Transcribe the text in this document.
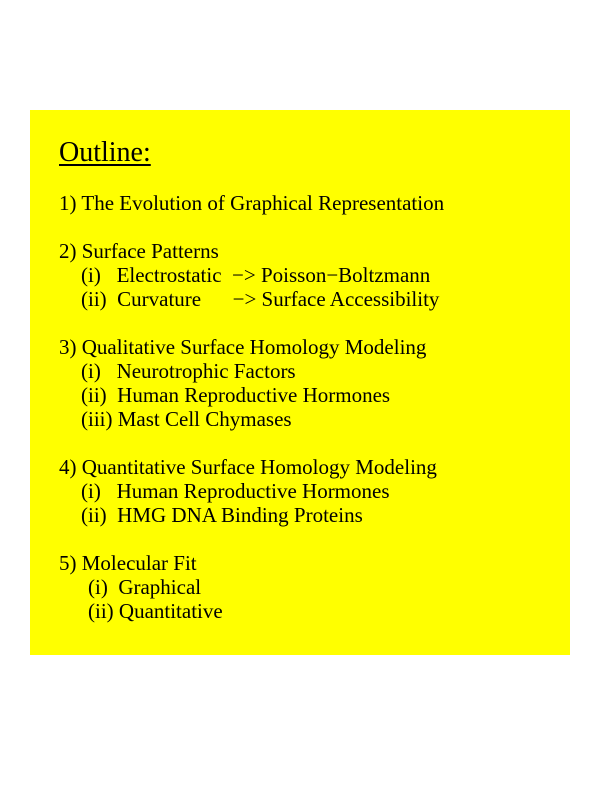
Outline:
1) The Evolution of Graphical Representation
2) Surface Patterns
(i)   Electrostatic  −> Poisson−Boltzmann
(ii)  Curvature      −> Surface Accessibility
3) Qualitative Surface Homology Modeling
(i)   Neurotrophic Factors
(ii)  Human Reproductive Hormones
(iii) Mast Cell Chymases
4) Quantitative Surface Homology Modeling
(i)   Human Reproductive Hormones
(ii)  HMG DNA Binding Proteins
5) Molecular Fit
(i)  Graphical
(ii) Quantitative
